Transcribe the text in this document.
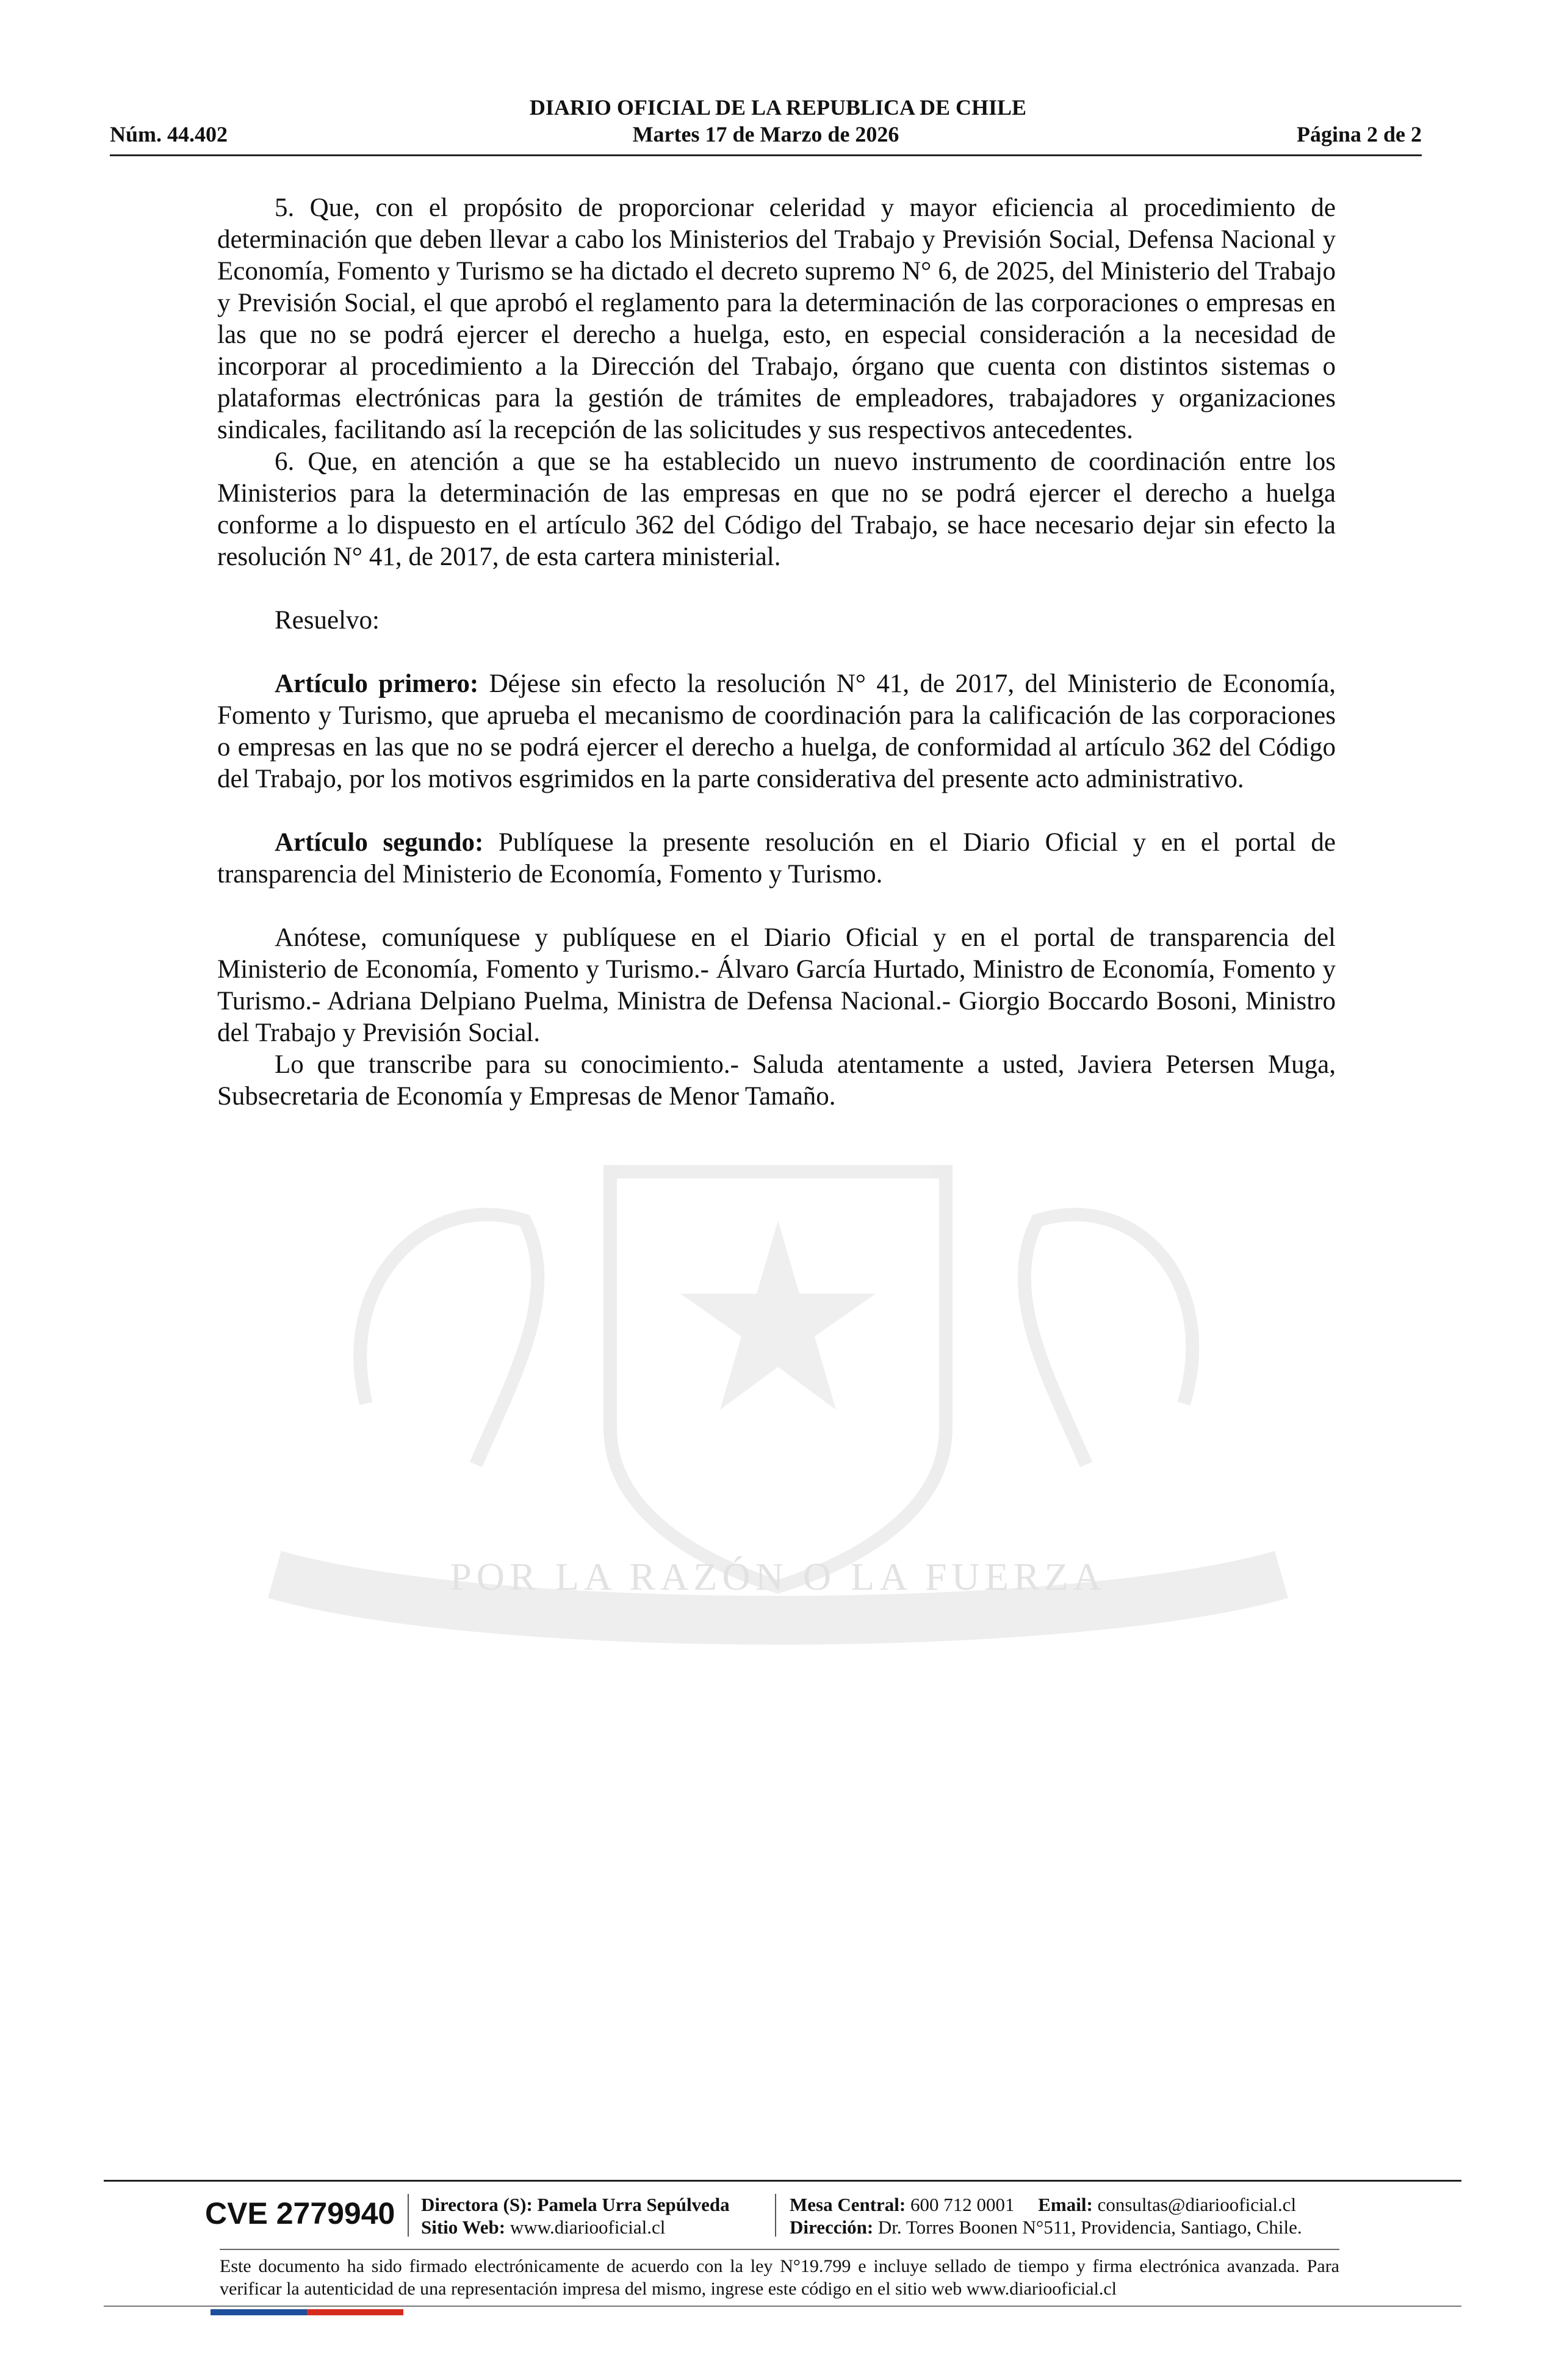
DIARIO OFICIAL DE LA REPUBLICA DE CHILE
Núm. 44.402	Martes 17 de Marzo de 2026	Página 2 de 2
POR LA RAZÓN O LA FUERZA

5. Que, con el propósito de proporcionar celeridad y mayor eficiencia al procedimiento de determinación que deben llevar a cabo los Ministerios del Trabajo y Previsión Social, Defensa Nacional y Economía, Fomento y Turismo se ha dictado el decreto supremo N° 6, de 2025, del Ministerio del Trabajo y Previsión Social, el que aprobó el reglamento para la determinación de las corporaciones o empresas en las que no se podrá ejercer el derecho a huelga, esto, en especial consideración a la necesidad de incorporar al procedimiento a la Dirección del Trabajo, órgano que cuenta con distintos sistemas o plataformas electrónicas para la gestión de trámites de empleadores, trabajadores y organizaciones sindicales, facilitando así la recepción de las solicitudes y sus respectivos antecedentes.

6. Que, en atención a que se ha establecido un nuevo instrumento de coordinación entre los Ministerios para la determinación de las empresas en que no se podrá ejercer el derecho a huelga conforme a lo dispuesto en el artículo 362 del Código del Trabajo, se hace necesario dejar sin efecto la resolución N° 41, de 2017, de esta cartera ministerial.

Resuelvo:

Artículo primero: Déjese sin efecto la resolución N° 41, de 2017, del Ministerio de Economía, Fomento y Turismo, que aprueba el mecanismo de coordinación para la calificación de las corporaciones o empresas en las que no se podrá ejercer el derecho a huelga, de conformidad al artículo 362 del Código del Trabajo, por los motivos esgrimidos en la parte considerativa del presente acto administrativo.

Artículo segundo: Publíquese la presente resolución en el Diario Oficial y en el portal de transparencia del Ministerio de Economía, Fomento y Turismo.

Anótese, comuníquese y publíquese en el Diario Oficial y en el portal de transparencia del Ministerio de Economía, Fomento y Turismo.- Álvaro García Hurtado, Ministro de Economía, Fomento y Turismo.- Adriana Delpiano Puelma, Ministra de Defensa Nacional.- Giorgio Boccardo Bosoni, Ministro del Trabajo y Previsión Social.

Lo que transcribe para su conocimiento.- Saluda atentamente a usted, Javiera Petersen Muga, Subsecretaria de Economía y Empresas de Menor Tamaño.

CVE 2779940 Directora (S): Pamela Urra Sepúlveda
Sitio Web: www.diariooficial.cl
Mesa Central: 600 712 0001 Email: consultas@diariooficial.cl
Dirección: Dr. Torres Boonen N°511, Providencia, Santiago, Chile.
Este documento ha sido firmado electrónicamente de acuerdo con la ley N°19.799 e incluye sellado de tiempo y firma electrónica avanzada. Para verificar la autenticidad de una representación impresa del mismo, ingrese este código en el sitio web www.diariooficial.cl
